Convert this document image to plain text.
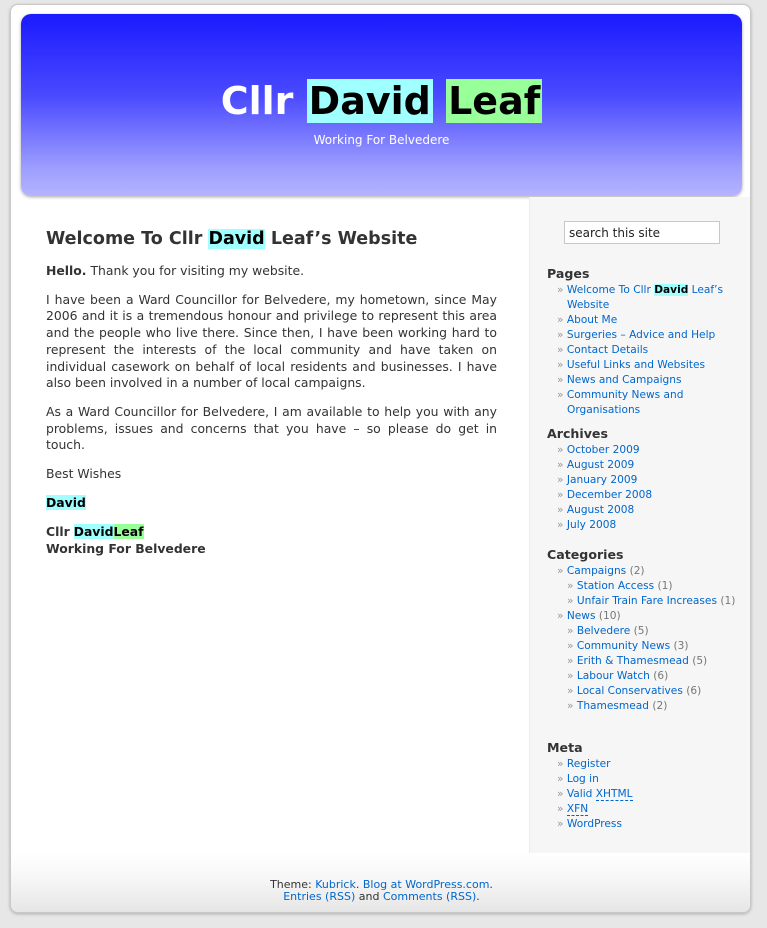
Cllr David Leaf
Working For Belvedere
Welcome To Cllr David Leaf’s Website

Hello. Thank you for visiting my website.

I have been a Ward Councillor for Belvedere, my hometown, since May 2006 and it is a tremendous honour and privilege to represent this area and the people who live there. Since then, I have been working hard to represent the interests of the local community and have taken on individual casework on behalf of local residents and businesses. I have also been involved in a number of local campaigns.

As a Ward Councillor for Belvedere, I am available to help you with any problems, issues and concerns that you have – so please do get in touch.

Best Wishes

David

Cllr DavidLeaf
Working For Belvedere

search this site
Pages
» Welcome To Cllr David Leaf’s Website
» About Me
» Surgeries – Advice and Help
» Contact Details
» Useful Links and Websites
» News and Campaigns
» Community News and Organisations
Archives
» October 2009
» August 2009
» January 2009
» December 2008
» August 2008
» July 2008
Categories
» Campaigns (2)
» Station Access (1)
» Unfair Train Fare Increases (1)
» News (10)
» Belvedere (5)
» Community News (3)
» Erith & Thamesmead (5)
» Labour Watch (6)
» Local Conservatives (6)
» Thamesmead (2)
Meta
» Register
» Log in
» Valid XHTML
» XFN
» WordPress
Theme: Kubrick. Blog at WordPress.com.
Entries (RSS) and Comments (RSS).
